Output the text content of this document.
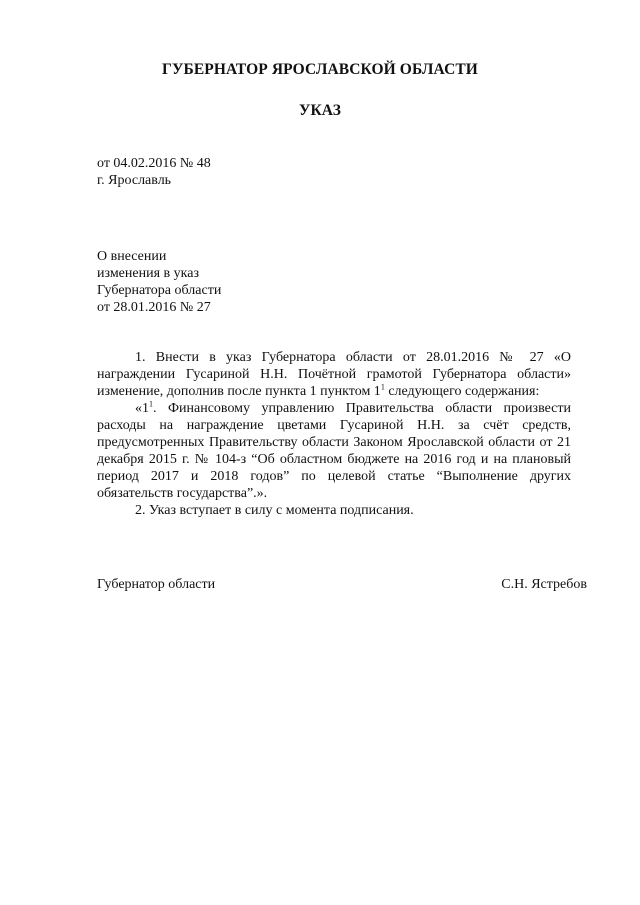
ГУБЕРНАТОР ЯРОСЛАВСКОЙ ОБЛАСТИ
УКАЗ
от 04.02.2016 № 48
г. Ярославль
О внесении
изменения в указ
Губернатора области
от 28.01.2016 № 27

1. Внести в указ Губернатора области от 28.01.2016 № 27 «О награждении Гусариной Н.Н. Почётной грамотой Губернатора области» изменение, дополнив после пункта 1 пунктом $1^1$ следующего содержания:

«$1^1$. Финансовому управлению Правительства области произвести расходы на награждение цветами Гусариной Н.Н. за счёт средств, предусмотренных Правительству области Законом Ярославской области от 21 декабря 2015 г. № 104-з “Об областном бюджете на 2016 год и на плановый период 2017 и 2018 годов” по целевой статье “Выполнение других обязательств государства”.».

2. Указ вступает в силу с момента подписания.

Губернатор области	С.Н. Ястребов
